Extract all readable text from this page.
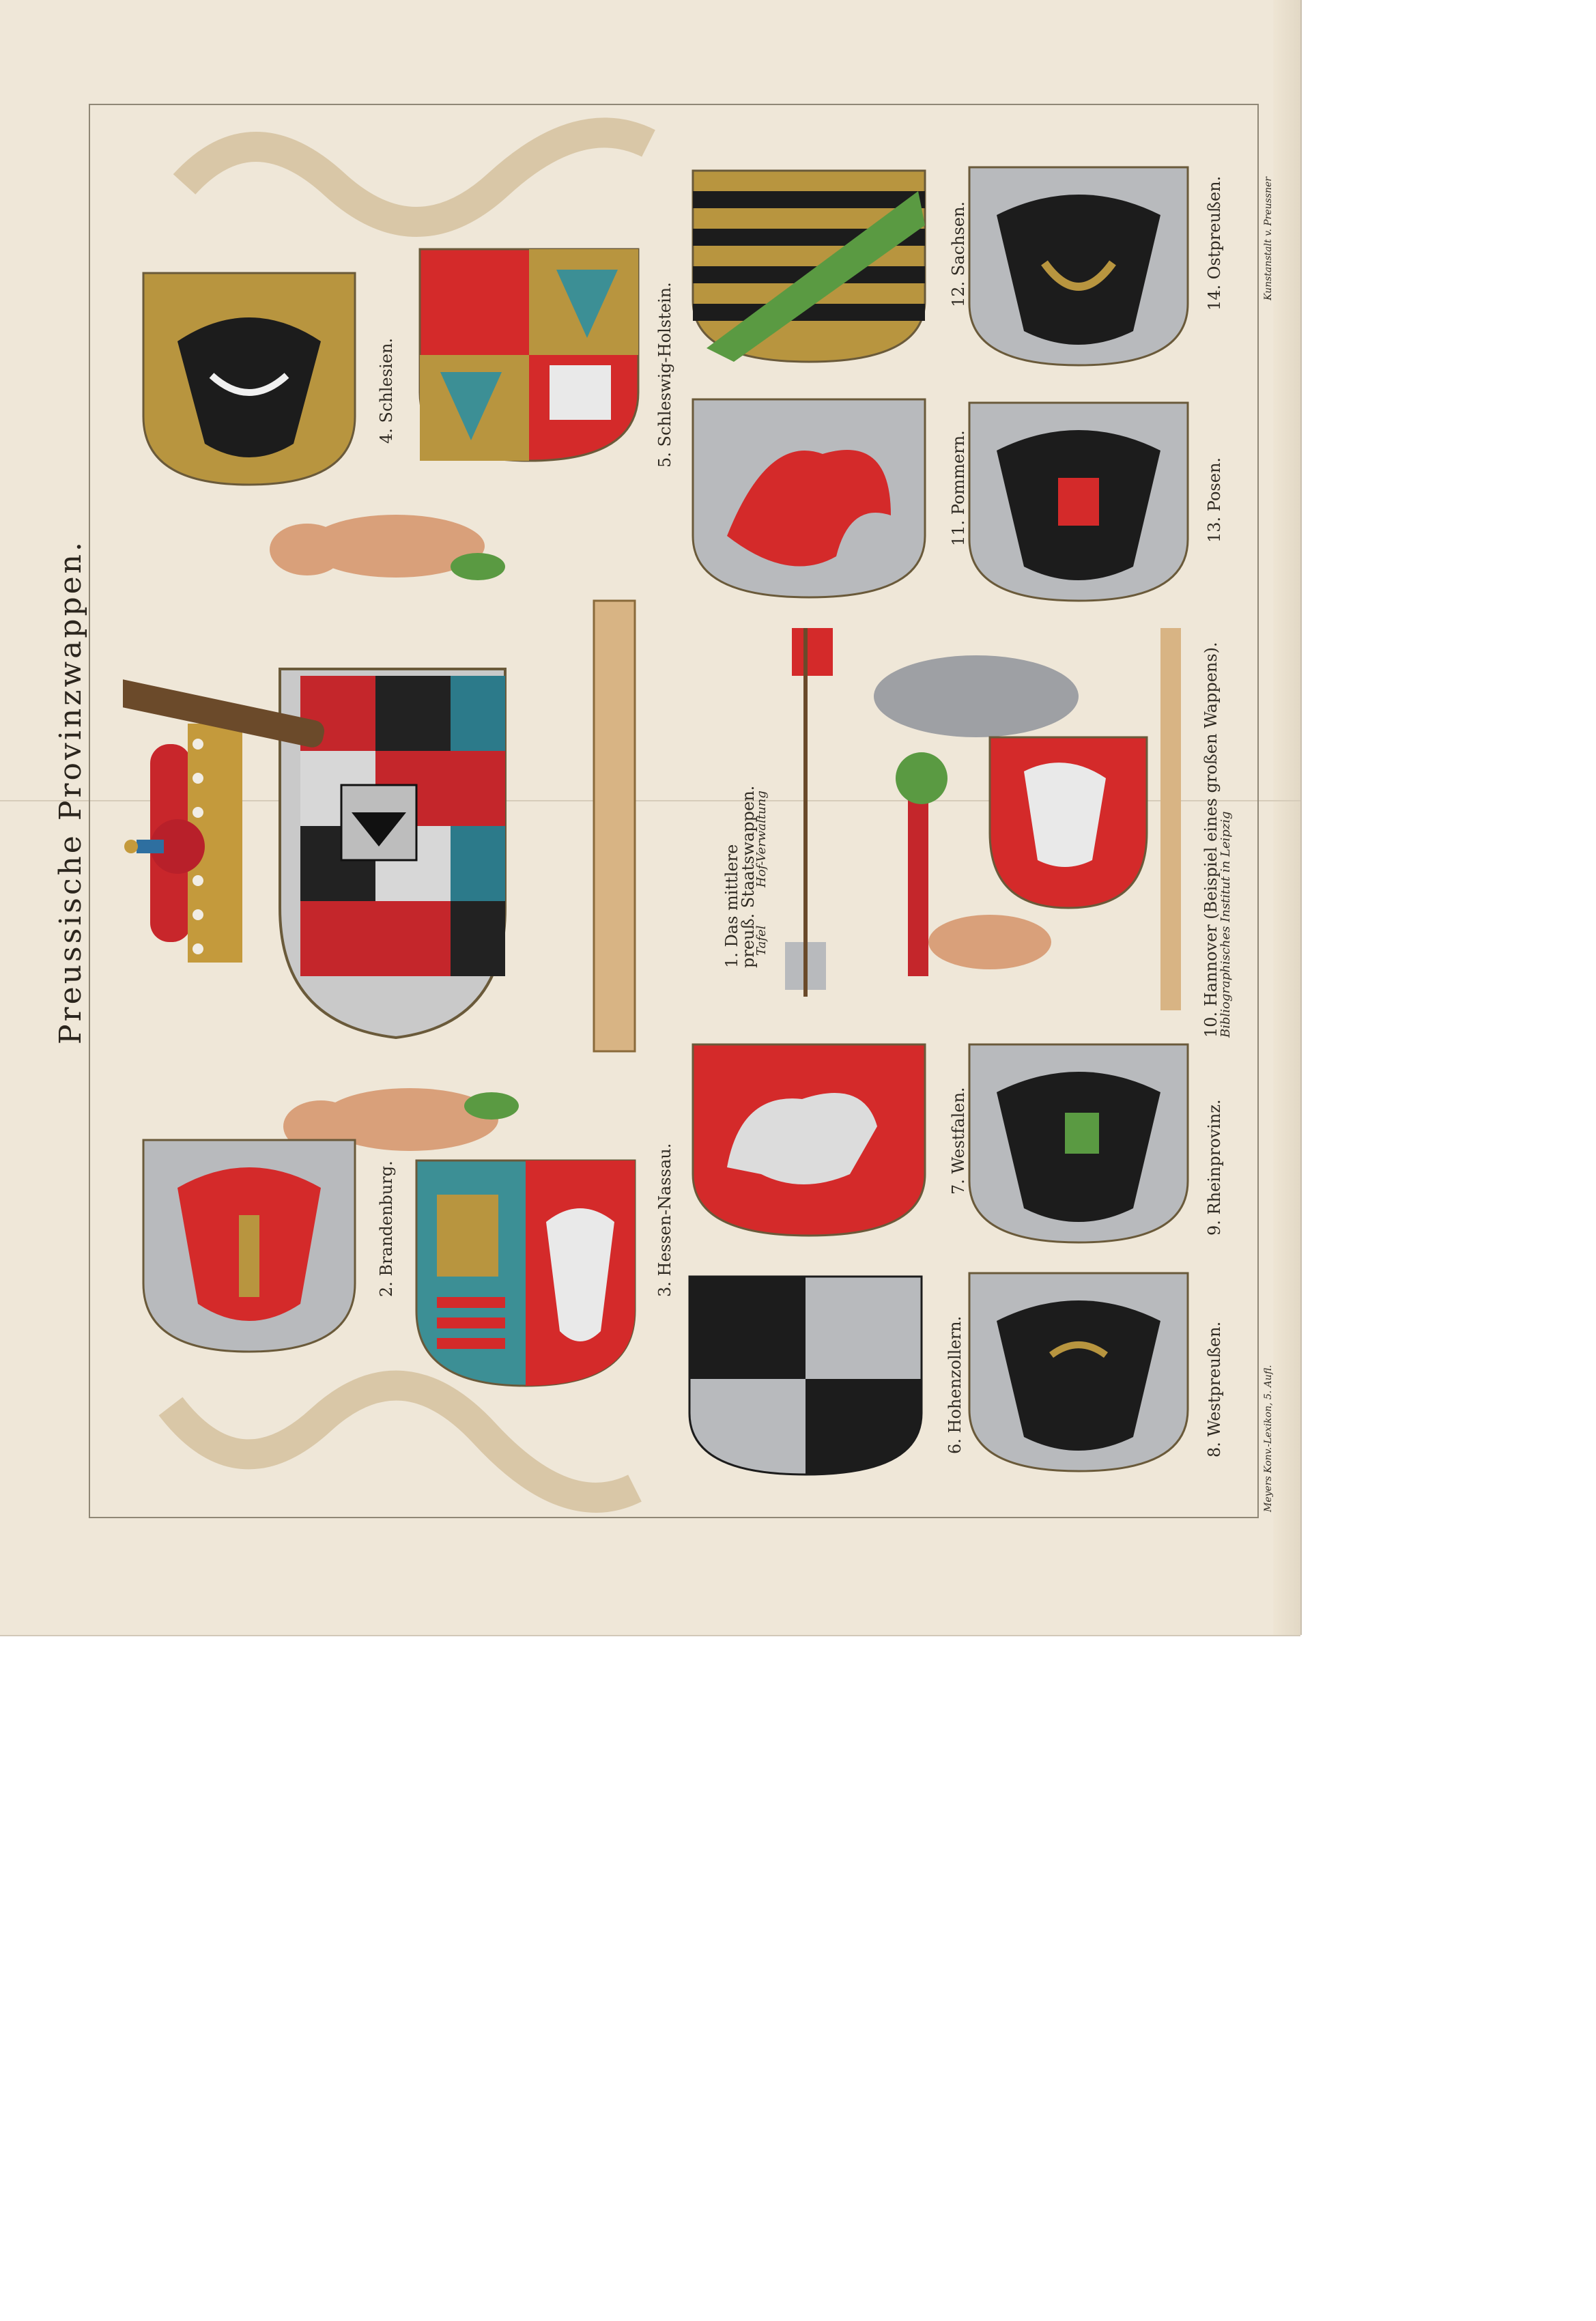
Preussische Provinzwappen.
Meyers Konv.-Lexikon, 5. Aufl.
Kunstanstalt v. Preussner
1. Das mittlere
preuß. Staatswappen.
Hof-Verwaltung
Tafel
4. Schlesien.	5. Schleswig-Holstein.
2. Brandenburg.	3. Hessen-Nassau.
12. Sachsen.	14. Ostpreußen.
11. Pommern.	13. Posen.
10. Hannover (Beispiel eines großen Wappens).
Bibliographisches Institut in Leipzig
7. Westfalen.	9. Rheinprovinz.
6. Hohenzollern.	8. Westpreußen.
